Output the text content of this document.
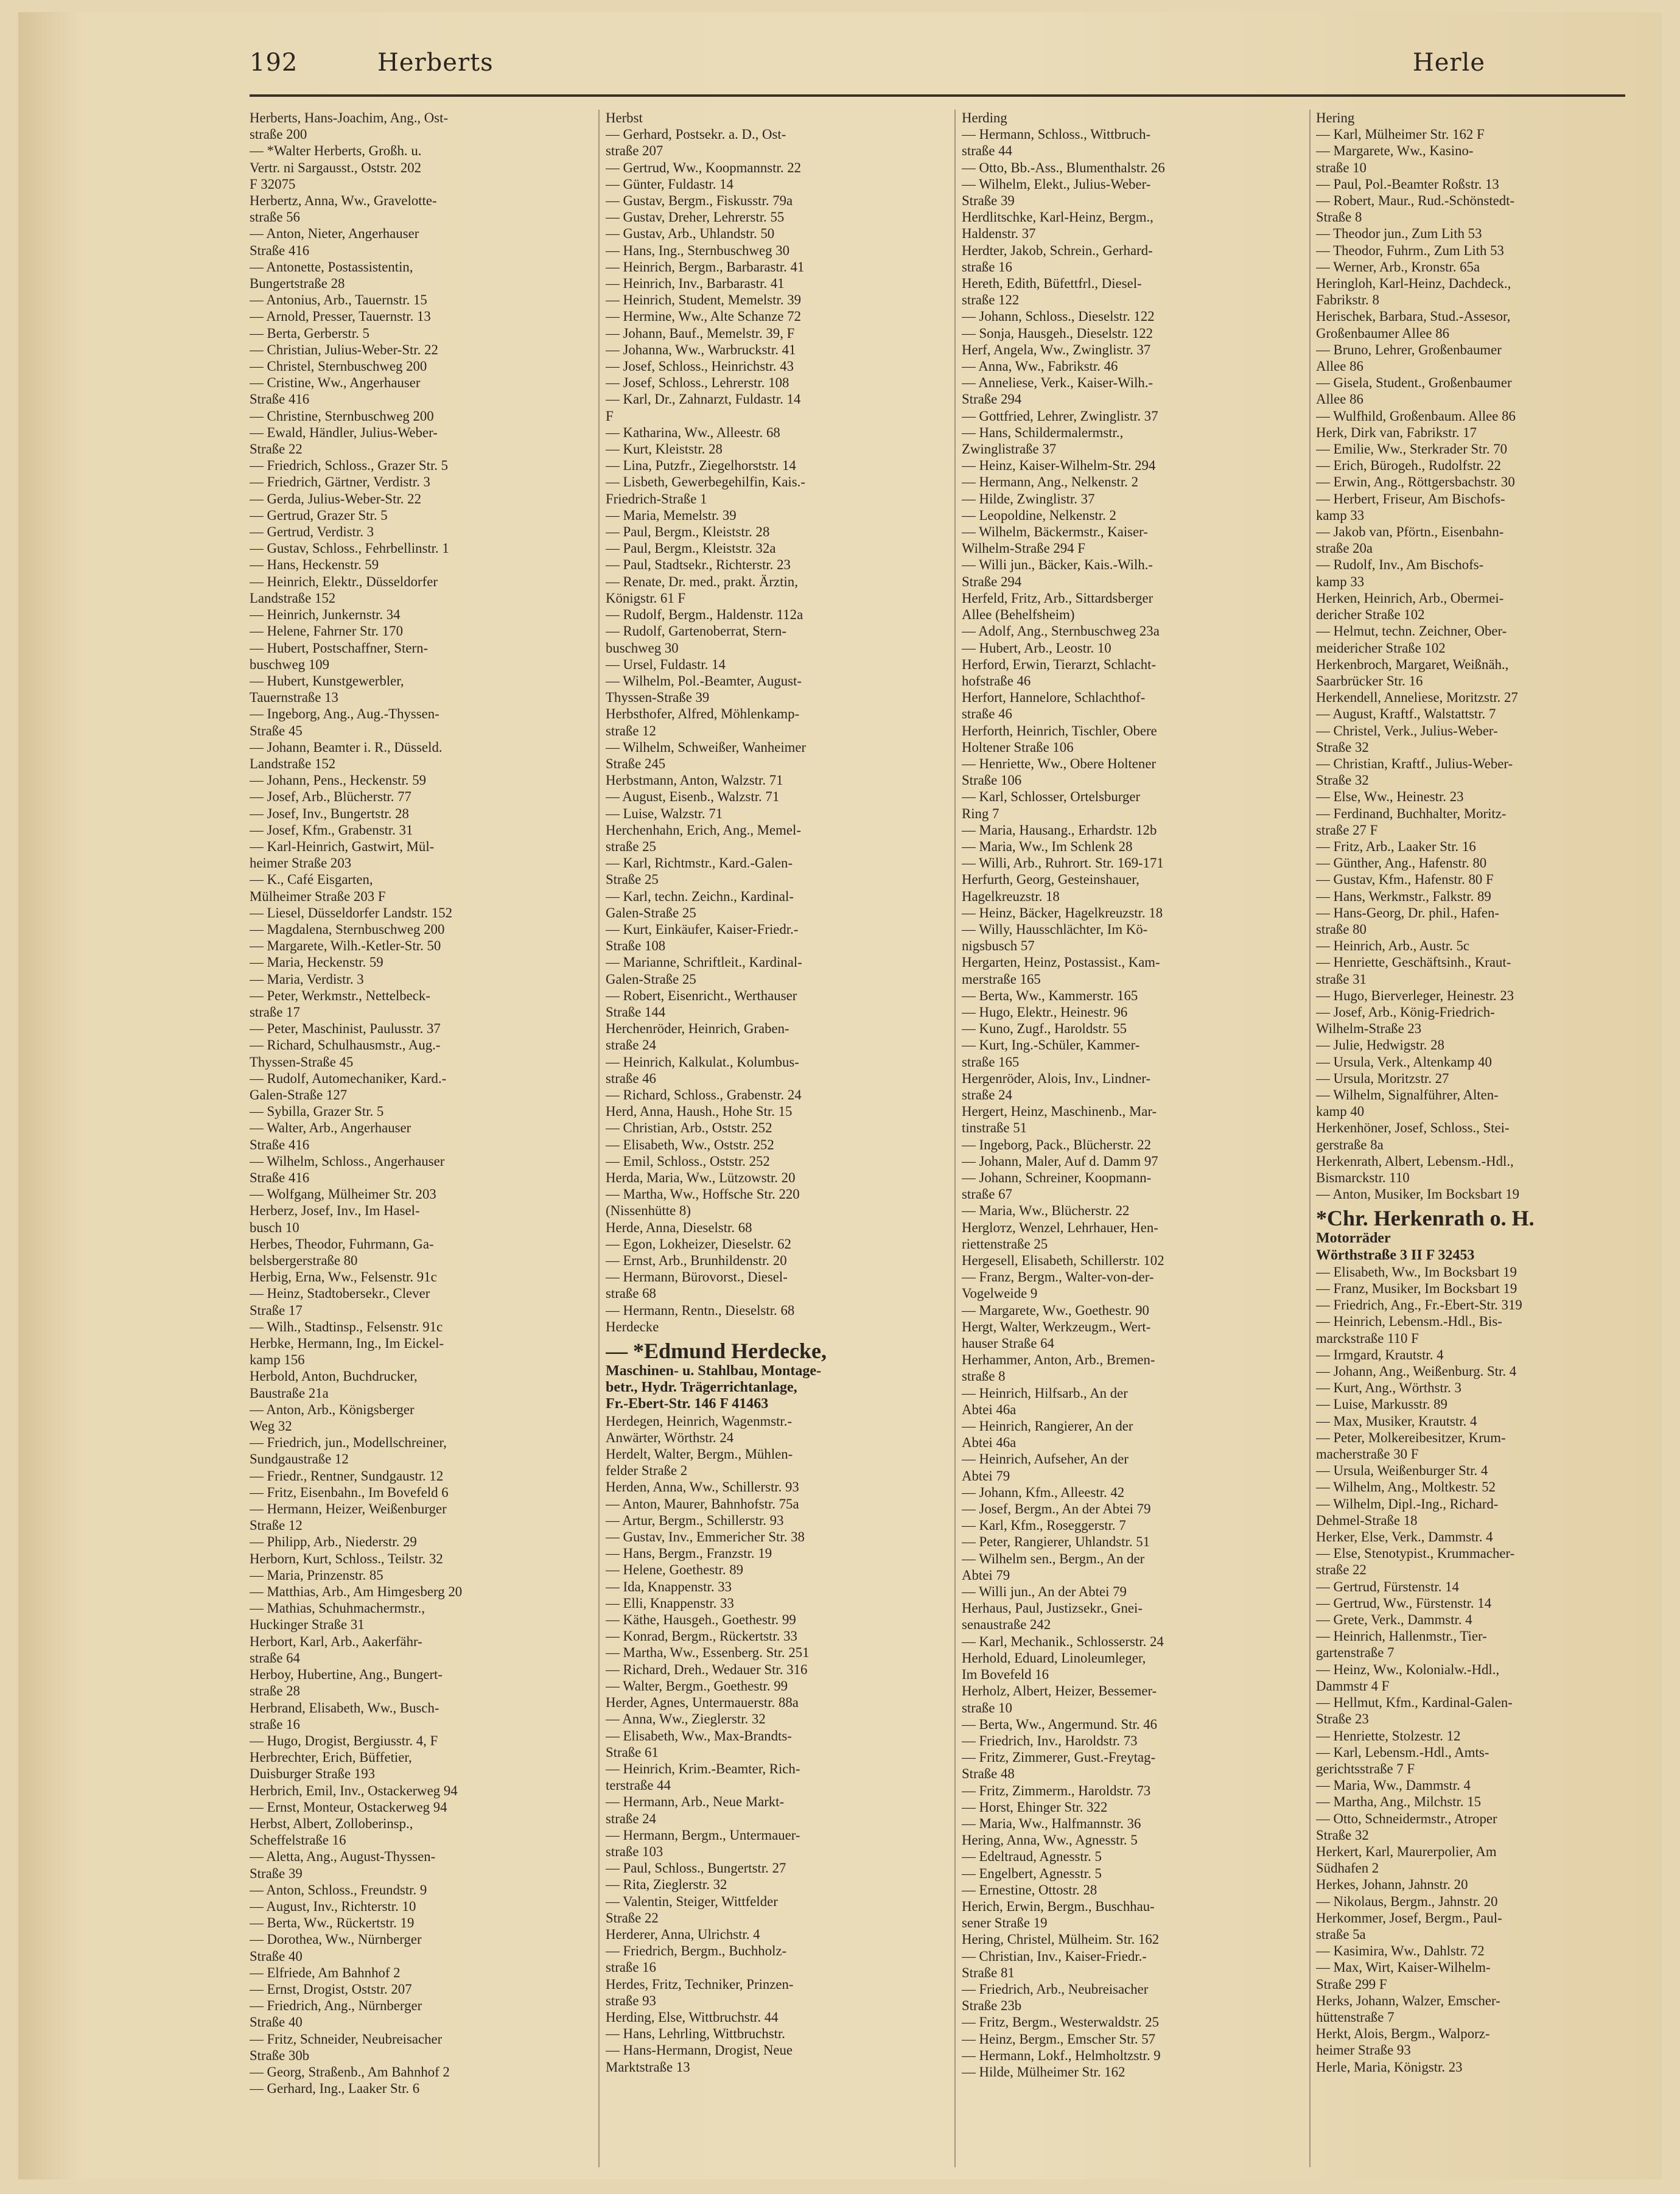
192	Herberts	Herle
Herberts, Hans-Joachim, Ang., Ost-
straße 200
— *Walter Herberts, Großh. u.
Vertr. ni Sargausst., Oststr. 202
F 32075
Herbertz, Anna, Ww., Gravelotte-
straße 56
— Anton, Nieter, Angerhauser
Straße 416
— Antonette, Postassistentin,
Bungertstraße 28
— Antonius, Arb., Tauernstr. 15
— Arnold, Presser, Tauernstr. 13
— Berta, Gerberstr. 5
— Christian, Julius-Weber-Str. 22
— Christel, Sternbuschweg 200
— Cristine, Ww., Angerhauser
Straße 416
— Christine, Sternbuschweg 200
— Ewald, Händler, Julius-Weber-
Straße 22
— Friedrich, Schloss., Grazer Str. 5
— Friedrich, Gärtner, Verdistr. 3
— Gerda, Julius-Weber-Str. 22
— Gertrud, Grazer Str. 5
— Gertrud, Verdistr. 3
— Gustav, Schloss., Fehrbellinstr. 1
— Hans, Heckenstr. 59
— Heinrich, Elektr., Düsseldorfer
Landstraße 152
— Heinrich, Junkernstr. 34
— Helene, Fahrner Str. 170
— Hubert, Postschaffner, Stern-
buschweg 109
— Hubert, Kunstgewerbler,
Tauernstraße 13
— Ingeborg, Ang., Aug.-Thyssen-
Straße 45
— Johann, Beamter i. R., Düsseld.
Landstraße 152
— Johann, Pens., Heckenstr. 59
— Josef, Arb., Blücherstr. 77
— Josef, Inv., Bungertstr. 28
— Josef, Kfm., Grabenstr. 31
— Karl-Heinrich, Gastwirt, Mül-
heimer Straße 203
— K., Café Eisgarten,
Mülheimer Straße 203 F
— Liesel, Düsseldorfer Landstr. 152
— Magdalena, Sternbuschweg 200
— Margarete, Wilh.-Ketler-Str. 50
— Maria, Heckenstr. 59
— Maria, Verdistr. 3
— Peter, Werkmstr., Nettelbeck-
straße 17
— Peter, Maschinist, Paulusstr. 37
— Richard, Schulhausmstr., Aug.-
Thyssen-Straße 45
— Rudolf, Automechaniker, Kard.-
Galen-Straße 127
— Sybilla, Grazer Str. 5
— Walter, Arb., Angerhauser
Straße 416
— Wilhelm, Schloss., Angerhauser
Straße 416
— Wolfgang, Mülheimer Str. 203
Herberz, Josef, Inv., Im Hasel-
busch 10
Herbes, Theodor, Fuhrmann, Ga-
belsbergerstraße 80
Herbig, Erna, Ww., Felsenstr. 91c
— Heinz, Stadtobersekr., Clever
Straße 17
— Wilh., Stadtinsp., Felsenstr. 91c
Herbke, Hermann, Ing., Im Eickel-
kamp 156
Herbold, Anton, Buchdrucker,
Baustraße 21a
— Anton, Arb., Königsberger
Weg 32
— Friedrich, jun., Modellschreiner,
Sundgaustraße 12
— Friedr., Rentner, Sundgaustr. 12
— Fritz, Eisenbahn., Im Bovefeld 6
— Hermann, Heizer, Weißenburger
Straße 12
— Philipp, Arb., Niederstr. 29
Herborn, Kurt, Schloss., Teilstr. 32
— Maria, Prinzenstr. 85
— Matthias, Arb., Am Himgesberg 20
— Mathias, Schuhmachermstr.,
Huckinger Straße 31
Herbort, Karl, Arb., Aakerfähr-
straße 64
Herboy, Hubertine, Ang., Bungert-
straße 28
Herbrand, Elisabeth, Ww., Busch-
straße 16
— Hugo, Drogist, Bergiusstr. 4, F
Herbrechter, Erich, Büffetier,
Duisburger Straße 193
Herbrich, Emil, Inv., Ostackerweg 94
— Ernst, Monteur, Ostackerweg 94
Herbst, Albert, Zolloberinsp.,
Scheffelstraße 16
— Aletta, Ang., August-Thyssen-
Straße 39
— Anton, Schloss., Freundstr. 9
— August, Inv., Richterstr. 10
— Berta, Ww., Rückertstr. 19
— Dorothea, Ww., Nürnberger
Straße 40
— Elfriede, Am Bahnhof 2
— Ernst, Drogist, Oststr. 207
— Friedrich, Ang., Nürnberger
Straße 40
— Fritz, Schneider, Neubreisacher
Straße 30b
— Georg, Straßenb., Am Bahnhof 2
— Gerhard, Ing., Laaker Str. 6
Herbst
— Gerhard, Postsekr. a. D., Ost-
straße 207
— Gertrud, Ww., Koopmannstr. 22
— Günter, Fuldastr. 14
— Gustav, Bergm., Fiskusstr. 79a
— Gustav, Dreher, Lehrerstr. 55
— Gustav, Arb., Uhlandstr. 50
— Hans, Ing., Sternbuschweg 30
— Heinrich, Bergm., Barbarastr. 41
— Heinrich, Inv., Barbarastr. 41
— Heinrich, Student, Memelstr. 39
— Hermine, Ww., Alte Schanze 72
— Johann, Bauf., Memelstr. 39, F
— Johanna, Ww., Warbruckstr. 41
— Josef, Schloss., Heinrichstr. 43
— Josef, Schloss., Lehrerstr. 108
— Karl, Dr., Zahnarzt, Fuldastr. 14
F
— Katharina, Ww., Alleestr. 68
— Kurt, Kleiststr. 28
— Lina, Putzfr., Ziegelhorststr. 14
— Lisbeth, Gewerbegehilfin, Kais.-
Friedrich-Straße 1
— Maria, Memelstr. 39
— Paul, Bergm., Kleiststr. 28
— Paul, Bergm., Kleiststr. 32a
— Paul, Stadtsekr., Richterstr. 23
— Renate, Dr. med., prakt. Ärztin,
Königstr. 61 F
— Rudolf, Bergm., Haldenstr. 112a
— Rudolf, Gartenoberrat, Stern-
buschweg 30
— Ursel, Fuldastr. 14
— Wilhelm, Pol.-Beamter, August-
Thyssen-Straße 39
Herbsthofer, Alfred, Möhlenkamp-
straße 12
— Wilhelm, Schweißer, Wanheimer
Straße 245
Herbstmann, Anton, Walzstr. 71
— August, Eisenb., Walzstr. 71
— Luise, Walzstr. 71
Herchenhahn, Erich, Ang., Memel-
straße 25
— Karl, Richtmstr., Kard.-Galen-
Straße 25
— Karl, techn. Zeichn., Kardinal-
Galen-Straße 25
— Kurt, Einkäufer, Kaiser-Friedr.-
Straße 108
— Marianne, Schriftleit., Kardinal-
Galen-Straße 25
— Robert, Eisenricht., Werthauser
Straße 144
Herchenröder, Heinrich, Graben-
straße 24
— Heinrich, Kalkulat., Kolumbus-
straße 46
— Richard, Schloss., Grabenstr. 24
Herd, Anna, Haush., Hohe Str. 15
— Christian, Arb., Oststr. 252
— Elisabeth, Ww., Oststr. 252
— Emil, Schloss., Oststr. 252
Herda, Maria, Ww., Lützowstr. 20
— Martha, Ww., Hoffsche Str. 220
(Nissenhütte 8)
Herde, Anna, Dieselstr. 68
— Egon, Lokheizer, Dieselstr. 62
— Ernst, Arb., Brunhildenstr. 20
— Hermann, Bürovorst., Diesel-
straße 68
— Hermann, Rentn., Dieselstr. 68
Herdecke
— *Edmund Herdecke,
Maschinen- u. Stahlbau, Montage-
betr., Hydr. Trägerrichtanlage,
Fr.-Ebert-Str. 146 F 41463
Herdegen, Heinrich, Wagenmstr.-
Anwärter, Wörthstr. 24
Herdelt, Walter, Bergm., Mühlen-
felder Straße 2
Herden, Anna, Ww., Schillerstr. 93
— Anton, Maurer, Bahnhofstr. 75a
— Artur, Bergm., Schillerstr. 93
— Gustav, Inv., Emmericher Str. 38
— Hans, Bergm., Franzstr. 19
— Helene, Goethestr. 89
— Ida, Knappenstr. 33
— Elli, Knappenstr. 33
— Käthe, Hausgeh., Goethestr. 99
— Konrad, Bergm., Rückertstr. 33
— Martha, Ww., Essenberg. Str. 251
— Richard, Dreh., Wedauer Str. 316
— Walter, Bergm., Goethestr. 99
Herder, Agnes, Untermauerstr. 88a
— Anna, Ww., Zieglerstr. 32
— Elisabeth, Ww., Max-Brandts-
Straße 61
— Heinrich, Krim.-Beamter, Rich-
terstraße 44
— Hermann, Arb., Neue Markt-
straße 24
— Hermann, Bergm., Untermauer-
straße 103
— Paul, Schloss., Bungertstr. 27
— Rita, Zieglerstr. 32
— Valentin, Steiger, Wittfelder
Straße 22
Herderer, Anna, Ulrichstr. 4
— Friedrich, Bergm., Buchholz-
straße 16
Herdes, Fritz, Techniker, Prinzen-
straße 93
Herding, Else, Wittbruchstr. 44
— Hans, Lehrling, Wittbruchstr.
— Hans-Hermann, Drogist, Neue
Marktstraße 13
Herding
— Hermann, Schloss., Wittbruch-
straße 44
— Otto, Bb.-Ass., Blumenthalstr. 26
— Wilhelm, Elekt., Julius-Weber-
Straße 39
Herdlitschke, Karl-Heinz, Bergm.,
Haldenstr. 37
Herdter, Jakob, Schrein., Gerhard-
straße 16
Hereth, Edith, Büfettfrl., Diesel-
straße 122
— Johann, Schloss., Dieselstr. 122
— Sonja, Hausgeh., Dieselstr. 122
Herf, Angela, Ww., Zwinglistr. 37
— Anna, Ww., Fabrikstr. 46
— Anneliese, Verk., Kaiser-Wilh.-
Straße 294
— Gottfried, Lehrer, Zwinglistr. 37
— Hans, Schildermalermstr.,
Zwinglistraße 37
— Heinz, Kaiser-Wilhelm-Str. 294
— Hermann, Ang., Nelkenstr. 2
— Hilde, Zwinglistr. 37
— Leopoldine, Nelkenstr. 2
— Wilhelm, Bäckermstr., Kaiser-
Wilhelm-Straße 294 F
— Willi jun., Bäcker, Kais.-Wilh.-
Straße 294
Herfeld, Fritz, Arb., Sittardsberger
Allee (Behelfsheim)
— Adolf, Ang., Sternbuschweg 23a
— Hubert, Arb., Leostr. 10
Herford, Erwin, Tierarzt, Schlacht-
hofstraße 46
Herfort, Hannelore, Schlachthof-
straße 46
Herforth, Heinrich, Tischler, Obere
Holtener Straße 106
— Henriette, Ww., Obere Holtener
Straße 106
— Karl, Schlosser, Ortelsburger
Ring 7
— Maria, Hausang., Erhardstr. 12b
— Maria, Ww., Im Schlenk 28
— Willi, Arb., Ruhrort. Str. 169-171
Herfurth, Georg, Gesteinshauer,
Hagelkreuzstr. 18
— Heinz, Bäcker, Hagelkreuzstr. 18
— Willy, Hausschlächter, Im Kö-
nigsbusch 57
Hergarten, Heinz, Postassist., Kam-
merstraße 165
— Berta, Ww., Kammerstr. 165
— Hugo, Elektr., Heinestr. 96
— Kuno, Zugf., Haroldstr. 55
— Kurt, Ing.-Schüler, Kammer-
straße 165
Hergenröder, Alois, Inv., Lindner-
straße 24
Hergert, Heinz, Maschinenb., Mar-
tinstraße 51
— Ingeborg, Pack., Blücherstr. 22
— Johann, Maler, Auf d. Damm 97
— Johann, Schreiner, Koopmann-
straße 67
— Maria, Ww., Blücherstr. 22
Hergloтz, Wenzel, Lehrhauer, Hen-
riettenstraße 25
Hergesell, Elisabeth, Schillerstr. 102
— Franz, Bergm., Walter-von-der-
Vogelweide 9
— Margarete, Ww., Goethestr. 90
Hergt, Walter, Werkzeugm., Wert-
hauser Straße 64
Herhammer, Anton, Arb., Bremen-
straße 8
— Heinrich, Hilfsarb., An der
Abtei 46a
— Heinrich, Rangierer, An der
Abtei 46a
— Heinrich, Aufseher, An der
Abtei 79
— Johann, Kfm., Alleestr. 42
— Josef, Bergm., An der Abtei 79
— Karl, Kfm., Roseggerstr. 7
— Peter, Rangierer, Uhlandstr. 51
— Wilhelm sen., Bergm., An der
Abtei 79
— Willi jun., An der Abtei 79
Herhaus, Paul, Justizsekr., Gnei-
senaustraße 242
— Karl, Mechanik., Schlosserstr. 24
Herhold, Eduard, Linoleumleger,
Im Bovefeld 16
Herholz, Albert, Heizer, Bessemer-
straße 10
— Berta, Ww., Angermund. Str. 46
— Friedrich, Inv., Haroldstr. 73
— Fritz, Zimmerer, Gust.-Freytag-
Straße 48
— Fritz, Zimmerm., Haroldstr. 73
— Horst, Ehinger Str. 322
— Maria, Ww., Halfmannstr. 36
Hering, Anna, Ww., Agnesstr. 5
— Edeltraud, Agnesstr. 5
— Engelbert, Agnesstr. 5
— Ernestine, Ottostr. 28
Herich, Erwin, Bergm., Buschhau-
sener Straße 19
Hering, Christel, Mülheim. Str. 162
— Christian, Inv., Kaiser-Friedr.-
Straße 81
— Friedrich, Arb., Neubreisacher
Straße 23b
— Fritz, Bergm., Westerwaldstr. 25
— Heinz, Bergm., Emscher Str. 57
— Hermann, Lokf., Helmholtzstr. 9
— Hilde, Mülheimer Str. 162
Hering
— Karl, Mülheimer Str. 162 F
— Margarete, Ww., Kasino-
straße 10
— Paul, Pol.-Beamter Roßstr. 13
— Robert, Maur., Rud.-Schönstedt-
Straße 8
— Theodor jun., Zum Lith 53
— Theodor, Fuhrm., Zum Lith 53
— Werner, Arb., Kronstr. 65a
Heringloh, Karl-Heinz, Dachdeck.,
Fabrikstr. 8
Herischek, Barbara, Stud.-Assesor,
Großenbaumer Allee 86
— Bruno, Lehrer, Großenbaumer
Allee 86
— Gisela, Student., Großenbaumer
Allee 86
— Wulfhild, Großenbaum. Allee 86
Herk, Dirk van, Fabrikstr. 17
— Emilie, Ww., Sterkrader Str. 70
— Erich, Bürogeh., Rudolfstr. 22
— Erwin, Ang., Röttgersbachstr. 30
— Herbert, Friseur, Am Bischofs-
kamp 33
— Jakob van, Pförtn., Eisenbahn-
straße 20a
— Rudolf, Inv., Am Bischofs-
kamp 33
Herken, Heinrich, Arb., Obermei-
dericher Straße 102
— Helmut, techn. Zeichner, Ober-
meidericher Straße 102
Herkenbroch, Margaret, Weißnäh.,
Saarbrücker Str. 16
Herkendell, Anneliese, Moritzstr. 27
— August, Kraftf., Walstattstr. 7
— Christel, Verk., Julius-Weber-
Straße 32
— Christian, Kraftf., Julius-Weber-
Straße 32
— Else, Ww., Heinestr. 23
— Ferdinand, Buchhalter, Moritz-
straße 27 F
— Fritz, Arb., Laaker Str. 16
— Günther, Ang., Hafenstr. 80
— Gustav, Kfm., Hafenstr. 80 F
— Hans, Werkmstr., Falkstr. 89
— Hans-Georg, Dr. phil., Hafen-
straße 80
— Heinrich, Arb., Austr. 5c
— Henriette, Geschäftsinh., Kraut-
straße 31
— Hugo, Bierverleger, Heinestr. 23
— Josef, Arb., König-Friedrich-
Wilhelm-Straße 23
— Julie, Hedwigstr. 28
— Ursula, Verk., Altenkamp 40
— Ursula, Moritzstr. 27
— Wilhelm, Signalführer, Alten-
kamp 40
Herkenhöner, Josef, Schloss., Stei-
gerstraße 8a
Herkenrath, Albert, Lebensm.-Hdl.,
Bismarckstr. 110
— Anton, Musiker, Im Bocksbart 19
*Chr. Herkenrath o. H.
Motorräder
Wörthstraße 3 II F 32453
— Elisabeth, Ww., Im Bocksbart 19
— Franz, Musiker, Im Bocksbart 19
— Friedrich, Ang., Fr.-Ebert-Str. 319
— Heinrich, Lebensm.-Hdl., Bis-
marckstraße 110 F
— Irmgard, Krautstr. 4
— Johann, Ang., Weißenburg. Str. 4
— Kurt, Ang., Wörthstr. 3
— Luise, Markusstr. 89
— Max, Musiker, Krautstr. 4
— Peter, Molkereibesitzer, Krum-
macherstraße 30 F
— Ursula, Weißenburger Str. 4
— Wilhelm, Ang., Moltkestr. 52
— Wilhelm, Dipl.-Ing., Richard-
Dehmel-Straße 18
Herker, Else, Verk., Dammstr. 4
— Else, Stenotypist., Krummacher-
straße 22
— Gertrud, Fürstenstr. 14
— Gertrud, Ww., Fürstenstr. 14
— Grete, Verk., Dammstr. 4
— Heinrich, Hallenmstr., Tier-
gartenstraße 7
— Heinz, Ww., Kolonialw.-Hdl.,
Dammstr 4 F
— Hellmut, Kfm., Kardinal-Galen-
Straße 23
— Henriette, Stolzestr. 12
— Karl, Lebensm.-Hdl., Amts-
gerichtsstraße 7 F
— Maria, Ww., Dammstr. 4
— Martha, Ang., Milchstr. 15
— Otto, Schneidermstr., Atroper
Straße 32
Herkert, Karl, Maurerpolier, Am
Südhafen 2
Herkes, Johann, Jahnstr. 20
— Nikolaus, Bergm., Jahnstr. 20
Herkommer, Josef, Bergm., Paul-
straße 5a
— Kasimira, Ww., Dahlstr. 72
— Max, Wirt, Kaiser-Wilhelm-
Straße 299 F
Herks, Johann, Walzer, Emscher-
hüttenstraße 7
Herkt, Alois, Bergm., Walporz-
heimer Straße 93
Herle, Maria, Königstr. 23
